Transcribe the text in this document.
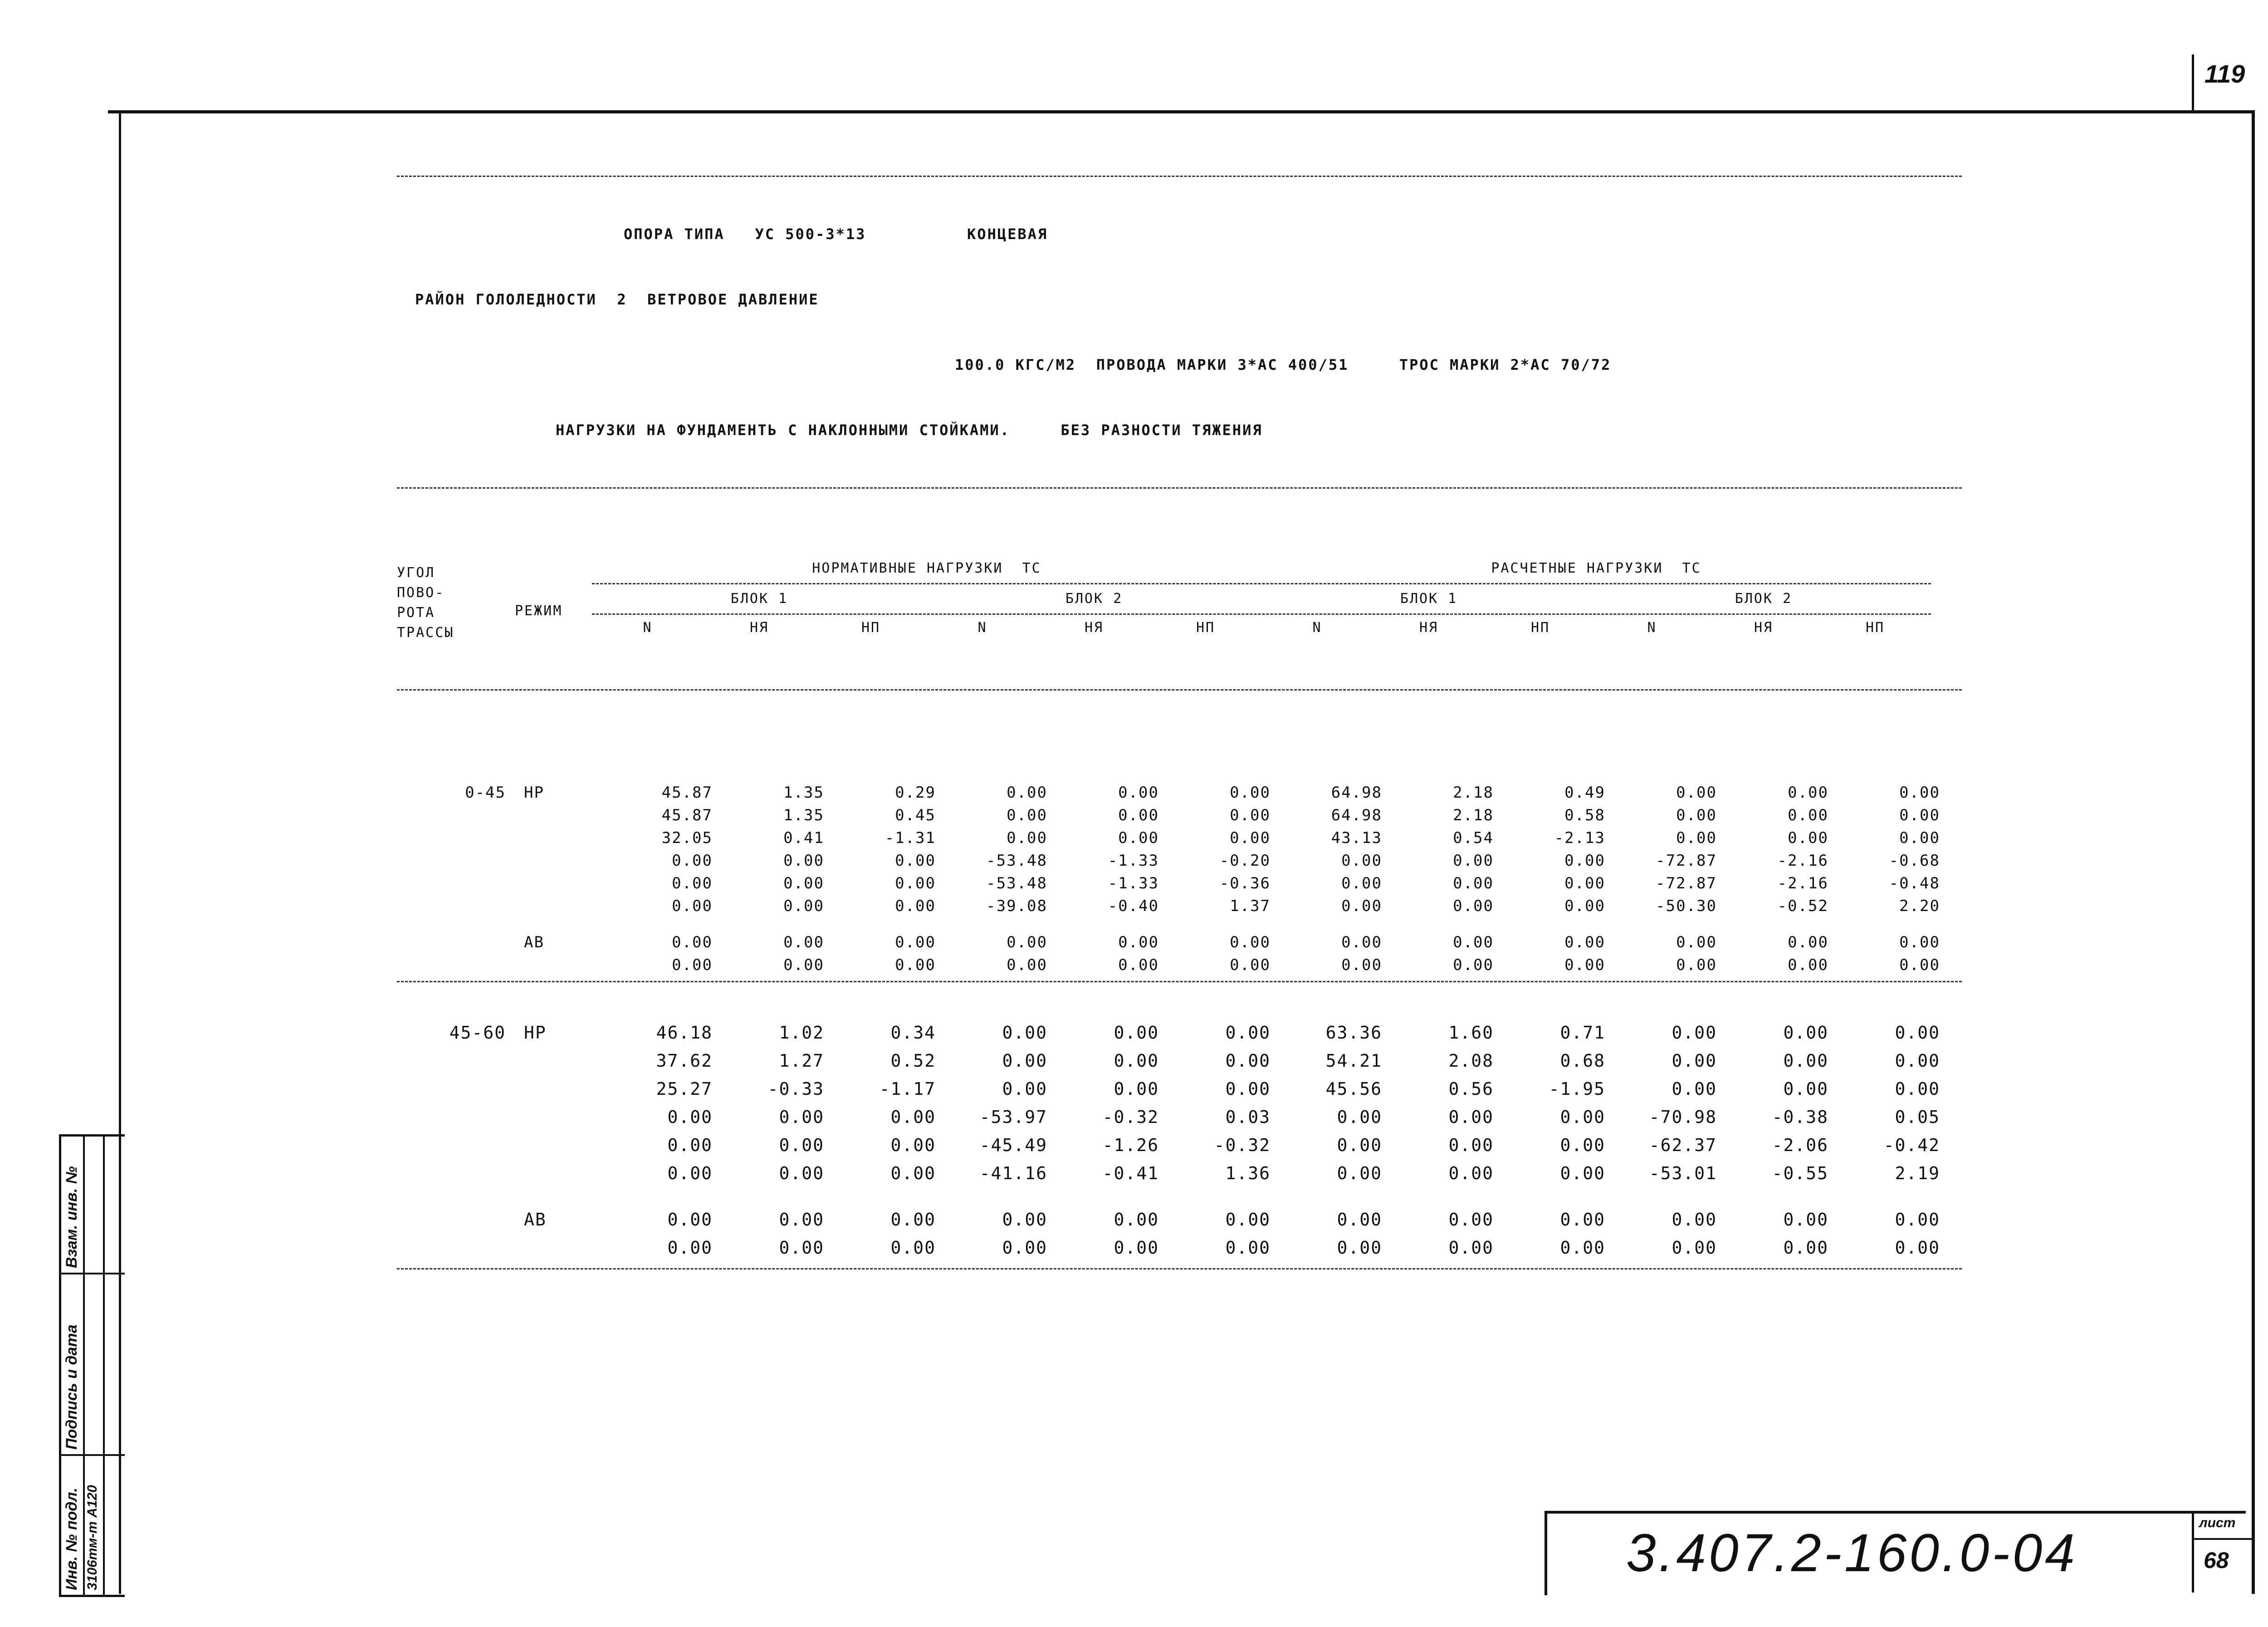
119

ОПОРА ТИПА   УС 500-3*13          КОНЦЕВАЯ

РАЙОН ГОЛОЛЕДНОСТИ  2  ВЕТРОВОЕ ДАВЛЕНИЕ

100.0 КГС/М2  ПРОВОДА МАРКИ 3*АС 400/51     ТРОС МАРКИ 2*АС 70/72

НАГРУЗКИ НА ФУНДАМЕНТЬ С НАКЛОННЫМИ СТОЙКАМИ.     БЕЗ РАЗНОСТИ ТЯЖЕНИЯ

УГОЛ
ПОВО-
РОТА
ТРАССЫ
РЕЖИМ
НОРМАТИВНЫЕ НАГРУЗКИ  ТС	РАСЧЕТНЫЕ НАГРУЗКИ  ТС
БЛОК 1	БЛОК 2	БЛОК 1	БЛОК 2
N	НЯ	НП	N	НЯ	НП	N	НЯ	НП	N	НЯ	НП

0-45	НР	45.87	1.35	0.29	0.00	0.00	0.00	64.98	2.18	0.49	0.00	0.00	0.00
45.87	1.35	0.45	0.00	0.00	0.00	64.98	2.18	0.58	0.00	0.00	0.00
32.05	0.41	-1.31	0.00	0.00	0.00	43.13	0.54	-2.13	0.00	0.00	0.00
0.00	0.00	0.00	-53.48	-1.33	-0.20	0.00	0.00	0.00	-72.87	-2.16	-0.68
0.00	0.00	0.00	-53.48	-1.33	-0.36	0.00	0.00	0.00	-72.87	-2.16	-0.48
0.00	0.00	0.00	-39.08	-0.40	1.37	0.00	0.00	0.00	-50.30	-0.52	2.20
АВ	0.00	0.00	0.00	0.00	0.00	0.00	0.00	0.00	0.00	0.00	0.00	0.00
0.00	0.00	0.00	0.00	0.00	0.00	0.00	0.00	0.00	0.00	0.00	0.00
45-60	НР	46.18	1.02	0.34	0.00	0.00	0.00	63.36	1.60	0.71	0.00	0.00	0.00
37.62	1.27	0.52	0.00	0.00	0.00	54.21	2.08	0.68	0.00	0.00	0.00
25.27	-0.33	-1.17	0.00	0.00	0.00	45.56	0.56	-1.95	0.00	0.00	0.00
0.00	0.00	0.00	-53.97	-0.32	0.03	0.00	0.00	0.00	-70.98	-0.38	0.05
0.00	0.00	0.00	-45.49	-1.26	-0.32	0.00	0.00	0.00	-62.37	-2.06	-0.42
0.00	0.00	0.00	-41.16	-0.41	1.36	0.00	0.00	0.00	-53.01	-0.55	2.19
АВ	0.00	0.00	0.00	0.00	0.00	0.00	0.00	0.00	0.00	0.00	0.00	0.00
0.00	0.00	0.00	0.00	0.00	0.00	0.00	0.00	0.00	0.00	0.00	0.00

3.407.2-160.0-04
лист
68
Инв. № подл. 3106тм-т А120
Подпись и дата
Взам. инв. №
